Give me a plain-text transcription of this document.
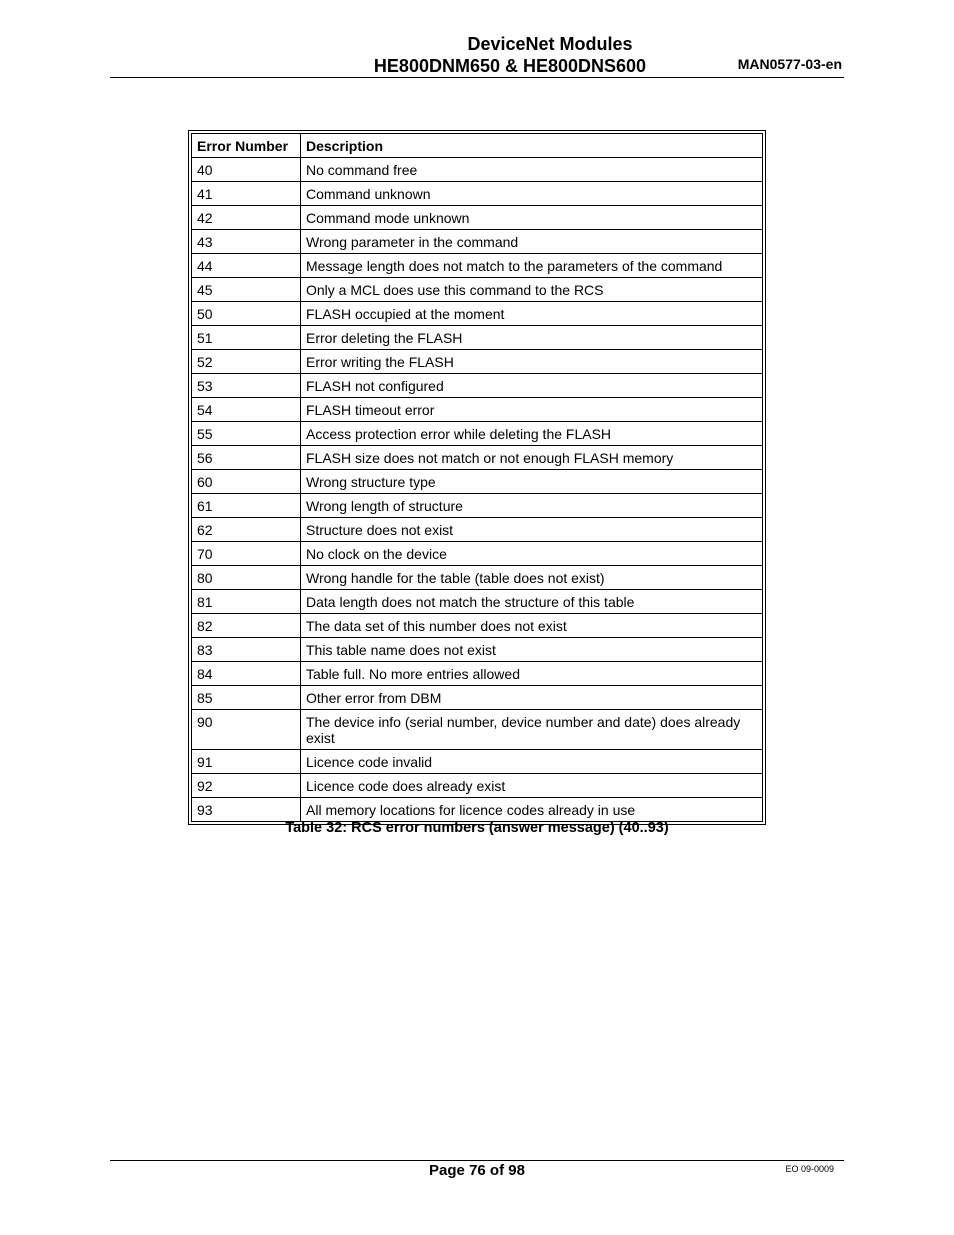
DeviceNet Modules
HE800DNM650 & HE800DNS600	MAN0577-03-en
Error Number	Description
40	No command free
41	Command unknown
42	Command mode unknown
43	Wrong parameter in the command
44	Message length does not match to the parameters of the command
45	Only a MCL does use this command to the RCS
50	FLASH occupied at the moment
51	Error deleting the FLASH
52	Error writing the FLASH
53	FLASH not configured
54	FLASH timeout error
55	Access protection error while deleting the FLASH
56	FLASH size does not match or not enough FLASH memory
60	Wrong structure type
61	Wrong length of structure
62	Structure does not exist
70	No clock on the device
80	Wrong handle for the table (table does not exist)
81	Data length does not match the structure of this table
82	The data set of this number does not exist
83	This table name does not exist
84	Table full. No more entries allowed
85	Other error from DBM
90	The device info (serial number, device number and date) does already exist
91	Licence code invalid
92	Licence code does already exist
93	All memory locations for licence codes already in use
Table 32: RCS error numbers (answer message) (40..93)
Page 76 of 98	EO 09-0009
